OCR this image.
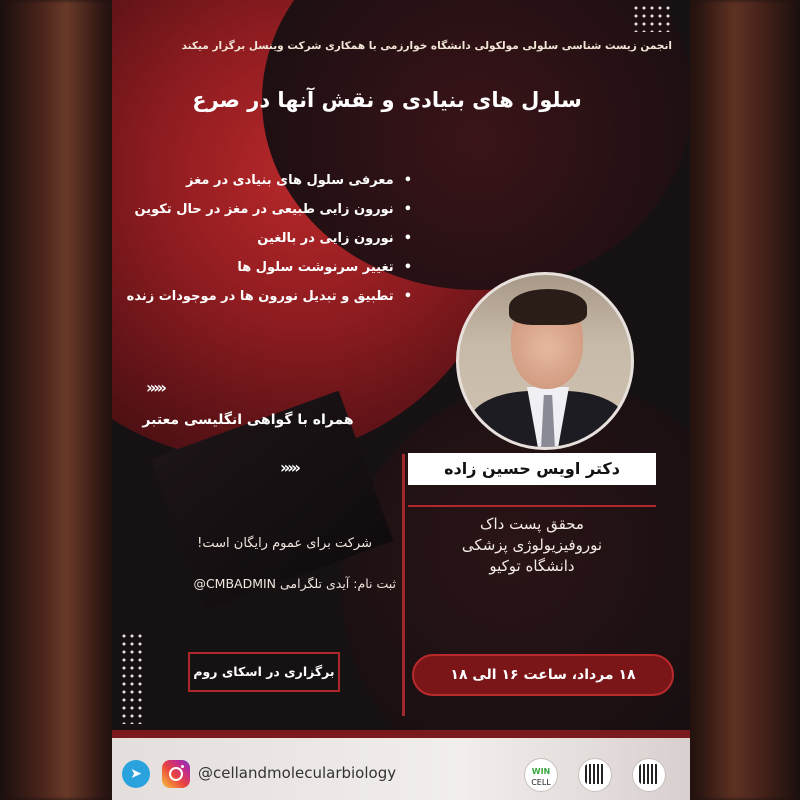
انجمن زیست شناسی سلولی مولکولی دانشگاه خوارزمی با همکاری شرکت وینسل برگزار میکند
سلول های بنیادی و نقش آنها در صرع
•معرفی سلول های بنیادی در مغز
•نورون زایی طبیعی در مغز در حال تکوین
•نورون زایی در بالغین
•تغییر سرنوشت سلول ها
•تطبیق و تبدیل نورون ها در موجودات زنده
›››››
همراه با گواهی انگلیسی معتبر
›››››	دکتر اویس حسین زاده
محقق پست داک
نوروفیزیولوژی پزشکی
دانشگاه توکیو
شرکت برای عموم رایگان است!
ثبت نام: آیدی تلگرامی CMBADMIN@
برگزاری در اسکای روم	۱۸ مرداد، ساعت ۱۶ الی ۱۸
➤	@cellandmolecularbiology	WIN
CELL
